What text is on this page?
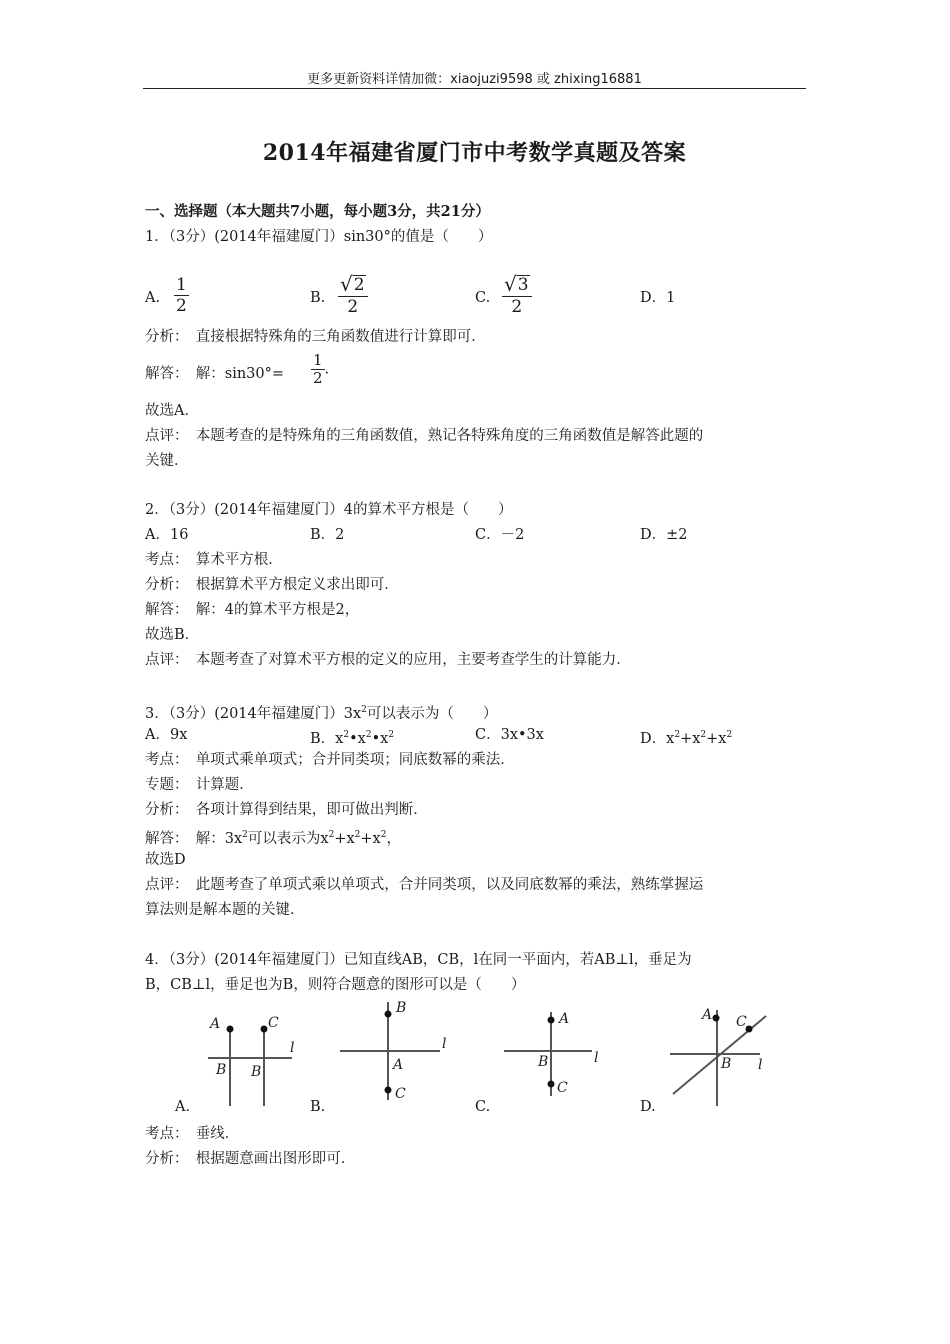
更多更新资料详情加微：xiaojuzi9598 或 zhixing16881
2014年福建省厦门市中考数学真题及答案
一、选择题（本大题共7小题，每小题3分，共21分）
1．（3分）(2014年福建厦门）sin30°的值是（　　）
A. $\frac{1}{2}$	B. $\frac{√ 2}{2}$	C. $\frac{√ 3}{2}$	D．1
分析：　直接根据特殊角的三角函数值进行计算即可．
解答：　解：$\sin 30^\circ= \frac{1}{2}$ .
故选A．
点评：　本题考查的是特殊角的三角函数值，熟记各特殊角度的三角函数值是解答此题的
关键．
2．（3分）(2014年福建厦门）4的算术平方根是（　　）
A．16	B．2	C．－2	D．±2
考点：　算术平方根．
分析：　根据算术平方根定义求出即可．
解答：　解：4的算术平方根是2，
故选B．
点评：　本题考查了对算术平方根的定义的应用，主要考查学生的计算能力．
3．（3分）(2014年福建厦门）$3x^2$可以表示为（　　）
A．9x	B．$x^2•x^2•x^2$	C．3x•3x	D．$x^2+x^2+x^2$
考点：　单项式乘单项式；合并同类项；同底数幂的乘法．
专题：　计算题．
分析：　各项计算得到结果，即可做出判断．
解答：　解：$3x^2$可以表示为$x^2+x^2+x^2$，
故选D
点评：　此题考查了单项式乘以单项式，合并同类项，以及同底数幂的乘法，熟练掌握运
算法则是解本题的关键．
4．（3分）(2014年福建厦门）已知直线AB，CB，l在同一平面内，若AB⊥l，垂足为
B，CB⊥l，垂足也为B，则符合题意的图形可以是（　　）
A	C
B B
l
A.
B
A
C
l
B.
A
B
C
l
C.
A C
B l
D.
考点：　垂线．
分析：　根据题意画出图形即可．
